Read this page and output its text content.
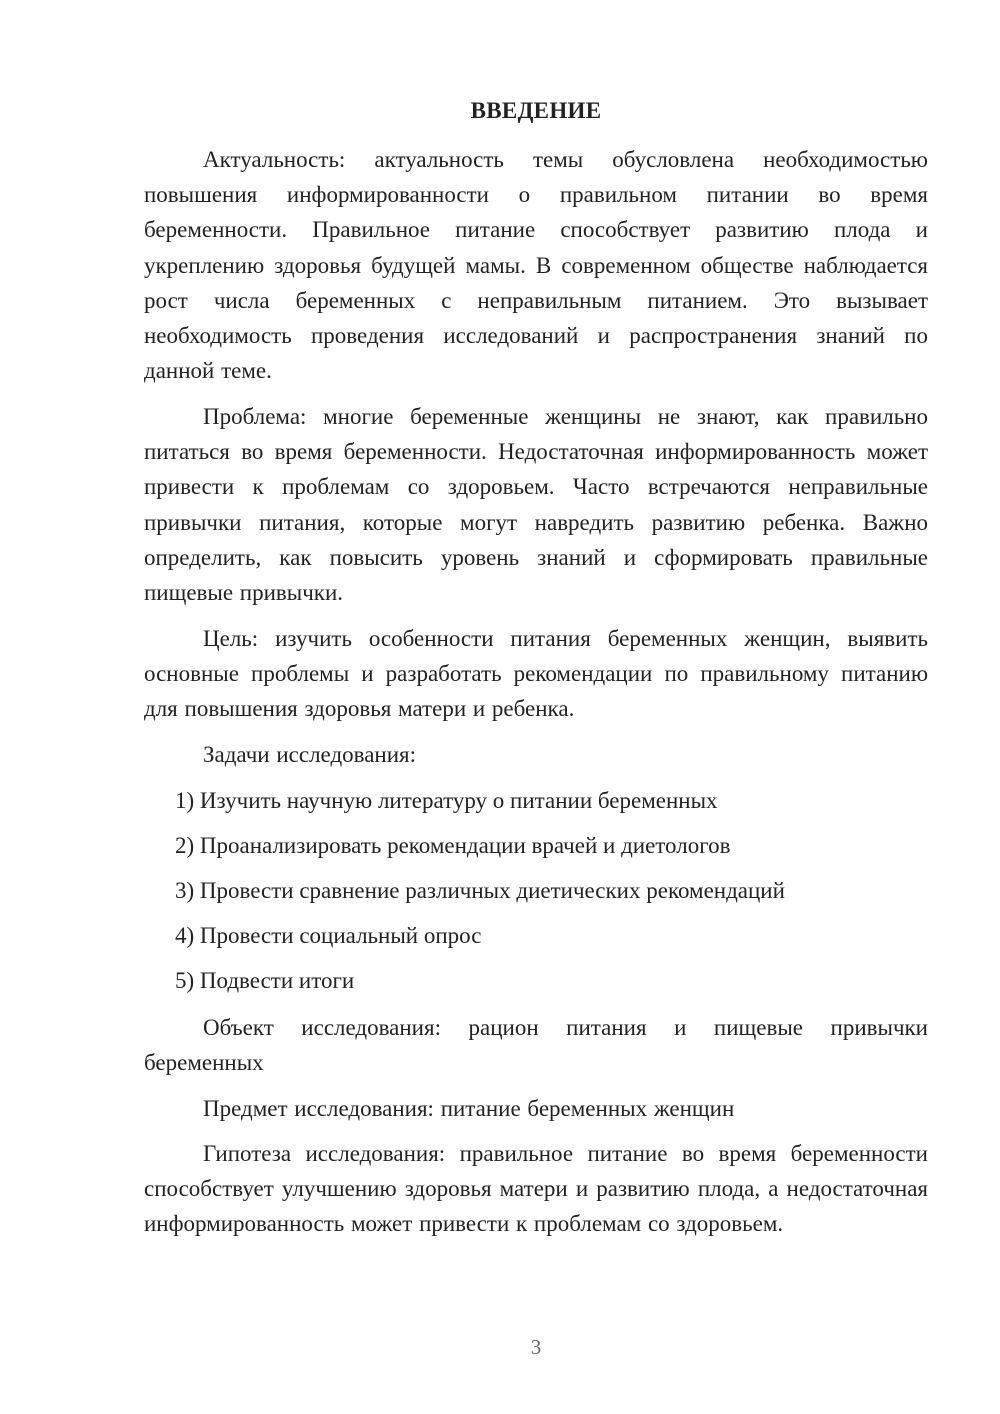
ВВЕДЕНИЕ

Актуальность: актуальность темы обусловлена необходимостью повышения информированности о правильном питании во время беременности. Правильное питание способствует развитию плода и укреплению здоровья будущей мамы. В современном обществе наблюдается рост числа беременных с неправильным питанием. Это вызывает необходимость проведения исследований и распространения знаний по данной теме.

Проблема: многие беременные женщины не знают, как правильно питаться во время беременности. Недостаточная информированность может привести к проблемам со здоровьем. Часто встречаются неправильные привычки питания, которые могут навредить развитию ребенка. Важно определить, как повысить уровень знаний и сформировать правильные пищевые привычки.

Цель: изучить особенности питания беременных женщин, выявить основные проблемы и разработать рекомендации по правильному питанию для повышения здоровья матери и ребенка.

Задачи исследования:

1) Изучить научную литературу о питании беременных

2) Проанализировать рекомендации врачей и диетологов

3) Провести сравнение различных диетических рекомендаций

4) Провести социальный опрос

5) Подвести итоги

Объект исследования: рацион питания и пищевые привычки беременных

Предмет исследования: питание беременных женщин

Гипотеза исследования: правильное питание во время беременности способствует улучшению здоровья матери и развитию плода, а недостаточная информированность может привести к проблемам со здоровьем.

3
